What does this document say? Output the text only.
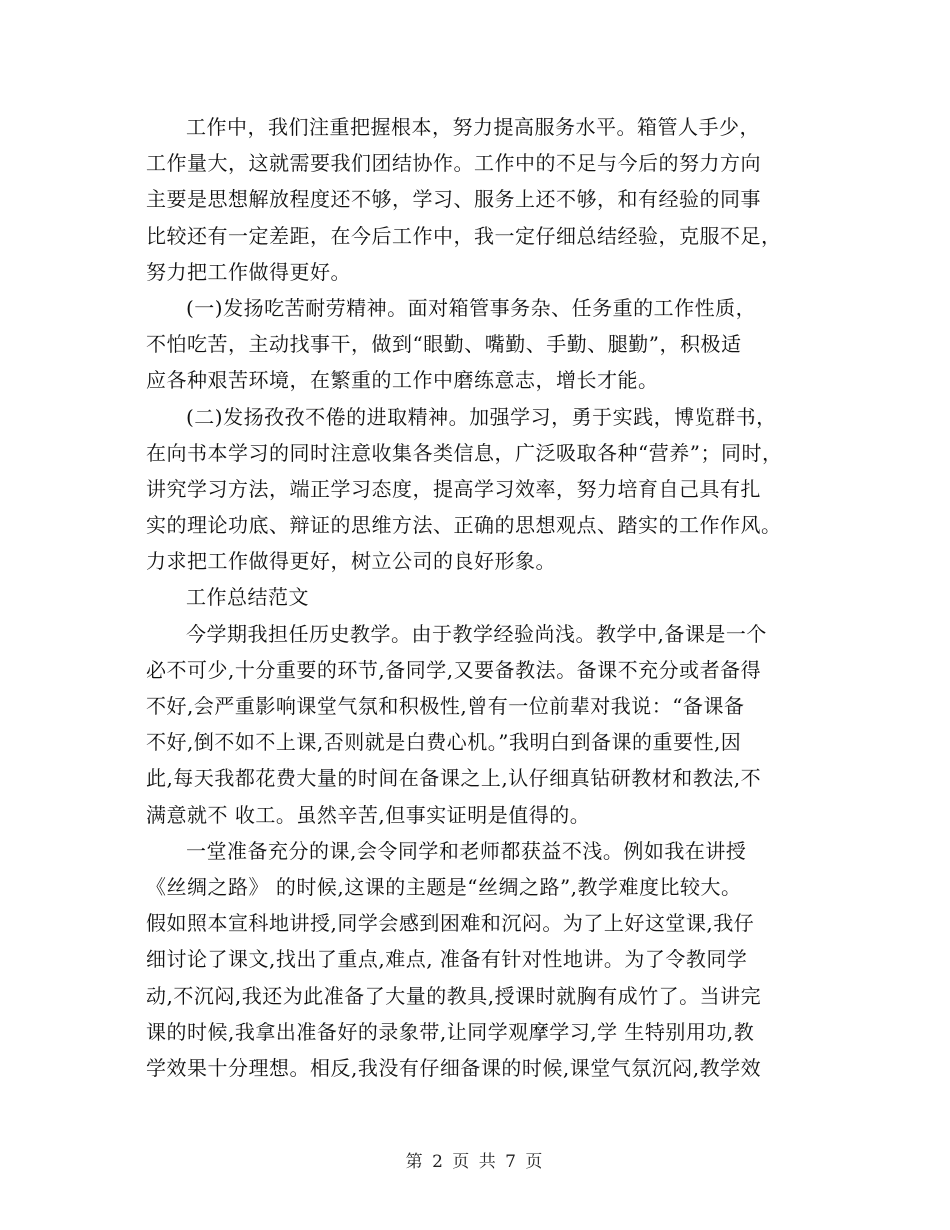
工作中，我们注重把握根本，努力提高服务水平。箱管人手少，
工作量大，这就需要我们团结协作。工作中的不足与今后的努力方向
主要是思想解放程度还不够，学习、服务上还不够，和有经验的同事
比较还有一定差距，在今后工作中，我一定仔细总结经验，克服不足，
努力把工作做得更好。
(一)发扬吃苦耐劳精神。面对箱管事务杂、任务重的工作性质，
不怕吃苦，主动找事干，做到“眼勤、嘴勤、手勤、腿勤”，积极适
应各种艰苦环境，在繁重的工作中磨练意志，增长才能。
(二)发扬孜孜不倦的进取精神。加强学习，勇于实践，博览群书，
在向书本学习的同时注意收集各类信息，广泛吸取各种“营养”；同时，
讲究学习方法，端正学习态度，提高学习效率，努力培育自己具有扎
实的理论功底、辩证的思维方法、正确的思想观点、踏实的工作作风。
力求把工作做得更好，树立公司的良好形象。
工作总结范文
今学期我担任历史教学。由于教学经验尚浅。教学中,备课是一个
必不可少,十分重要的环节,备同学,又要备教法。备课不充分或者备得
不好,会严重影响课堂气氛和积极性,曾有一位前辈对我说：“备课备
不好,倒不如不上课,否则就是白费心机。”我明白到备课的重要性,因
此,每天我都花费大量的时间在备课之上,认仔细真钻研教材和教法,不
满意就不 收工。虽然辛苦,但事实证明是值得的。
一堂准备充分的课,会令同学和老师都获益不浅。例如我在讲授
《丝绸之路》 的时候,这课的主题是“丝绸之路”,教学难度比较大。
假如照本宣科地讲授,同学会感到困难和沉闷。为了上好这堂课,我仔
细讨论了课文,找出了重点,难点, 准备有针对性地讲。为了令教同学
动,不沉闷,我还为此准备了大量的教具,授课时就胸有成竹了。当讲完
课的时候,我拿出准备好的录象带,让同学观摩学习,学 生特别用功,教
学效果十分理想。相反,我没有仔细备课的时候,课堂气氛沉闷,教学效
第 2 页 共 7 页
